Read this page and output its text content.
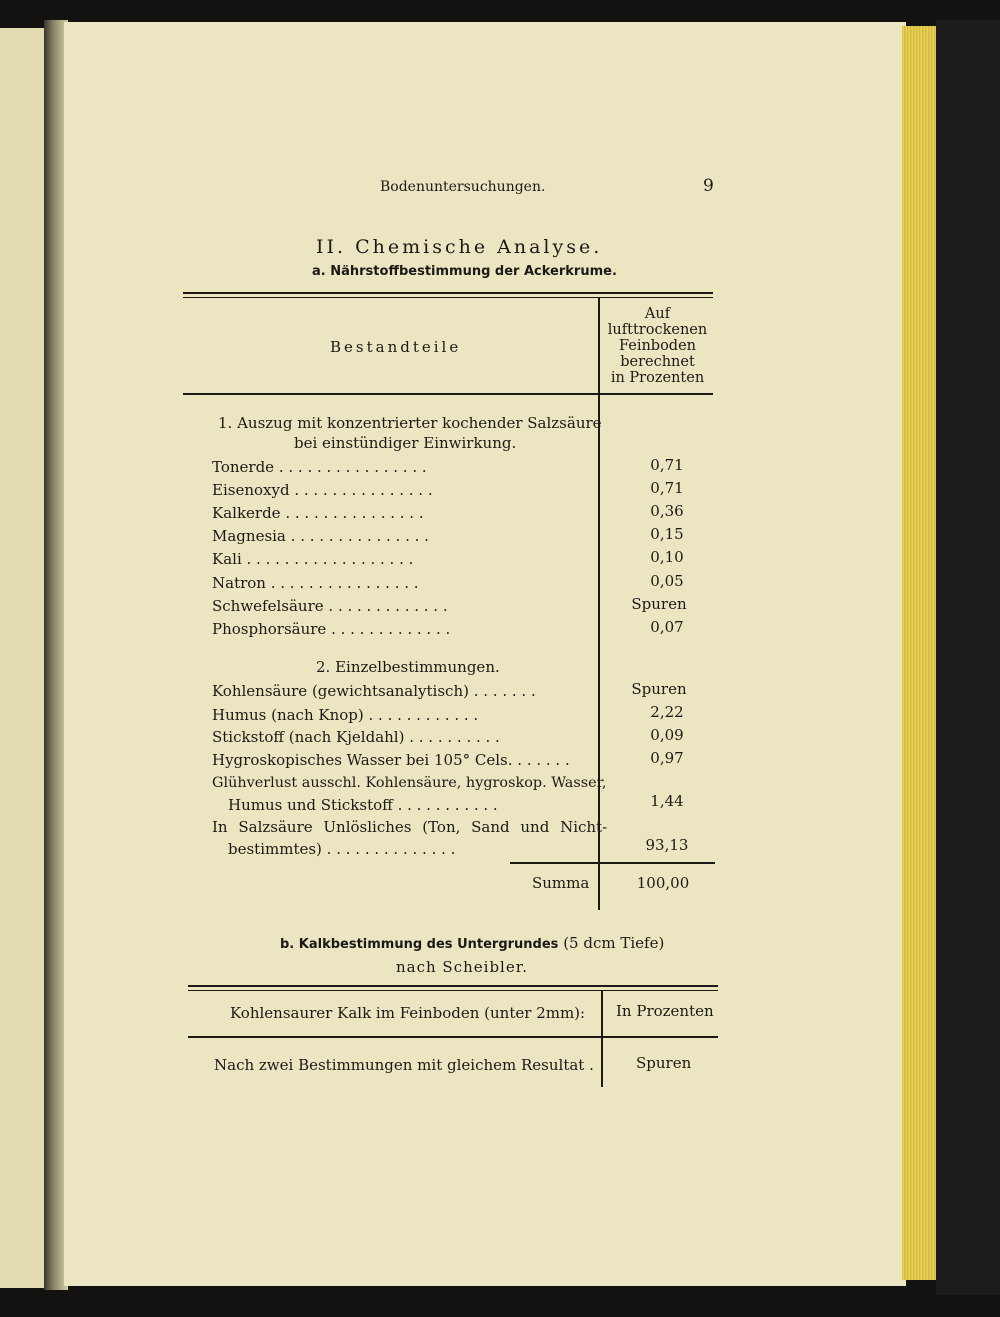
Bodenuntersuchungen.	9
II. Chemische Analyse.
a. Nährstoffbestimmung der Ackerkrume.
Bestandteile
Auf
lufttrockenen
Feinboden
berechnet
in Prozenten
1. Auszug mit konzentrierter kochender Salzsäure
bei einstündiger Einwirkung.
Tonerde . . . . . . . . . . . . . . . .	0,71
Eisenoxyd . . . . . . . . . . . . . . .	0,71
Kalkerde . . . . . . . . . . . . . . .	0,36
Magnesia . . . . . . . . . . . . . . .	0,15
Kali . . . . . . . . . . . . . . . . . .	0,10
Natron . . . . . . . . . . . . . . . .	0,05
Schwefelsäure . . . . . . . . . . . . .	Spuren
Phosphorsäure . . . . . . . . . . . . .	0,07
2. Einzelbestimmungen.
Kohlensäure (gewichtsanalytisch) . . . . . . .	Spuren
Humus (nach Knop) . . . . . . . . . . . .	2,22
Stickstoff (nach Kjeldahl) . . . . . . . . . .	0,09
Hygroskopisches Wasser bei 105° Cels. . . . . . .	0,97
Glühverlust ausschl. Kohlensäure, hygroskop. Wasser,
Humus und Stickstoff . . . . . . . . . . .	1,44
In Salzsäure Unlösliches (Ton, Sand und Nicht-
bestimmtes) . . . . . . . . . . . . . .	93,13
Summa	100,00
b. Kalkbestimmung des Untergrundes (5 dcm Tiefe)
nach Scheibler.
Kohlensaurer Kalk im Feinboden (unter 2mm): In Prozenten
Nach zwei Bestimmungen mit gleichem Resultat .	Spuren
